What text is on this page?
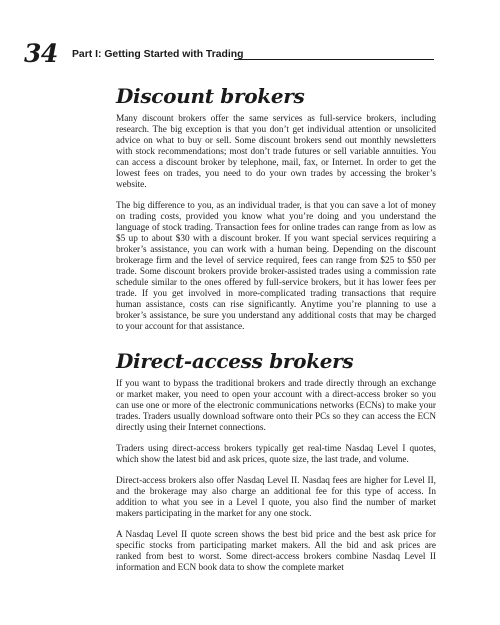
34 Part I: Getting Started with Trading
Discount brokers

Many discount brokers offer the same services as full-service brokers, including research. The big exception is that you don’t get individual attention or unsolicited advice on what to buy or sell. Some discount brokers send out monthly newsletters with stock recommendations; most don’t trade futures or sell variable annuities. You can access a discount broker by telephone, mail, fax, or Internet. In order to get the lowest fees on trades, you need to do your own trades by accessing the broker’s website.

The big difference to you, as an individual trader, is that you can save a lot of money on trading costs, provided you know what you’re doing and you understand the language of stock trading. Transaction fees for online trades can range from as low as $5 up to about $30 with a discount broker. If you want special services requiring a broker’s assistance, you can work with a human being. Depending on the discount brokerage firm and the level of service required, fees can range from $25 to $50 per trade. Some discount brokers provide broker-assisted trades using a commission rate schedule similar to the ones offered by full-service brokers, but it has lower fees per trade. If you get involved in more-complicated trading transactions that require human assistance, costs can rise significantly. Anytime you’re planning to use a broker’s assistance, be sure you understand any additional costs that may be charged to your account for that assistance.

Direct-access brokers

If you want to bypass the traditional brokers and trade directly through an exchange or market maker, you need to open your account with a direct-access broker so you can use one or more of the electronic communications networks (ECNs) to make your trades. Traders usually download software onto their PCs so they can access the ECN directly using their Internet connections.

Traders using direct-access brokers typically get real-time Nasdaq Level I quotes, which show the latest bid and ask prices, quote size, the last trade, and volume.

Direct-access brokers also offer Nasdaq Level II. Nasdaq fees are higher for Level II, and the brokerage may also charge an additional fee for this type of access. In addition to what you see in a Level I quote, you also find the number of market makers participating in the market for any one stock.

A Nasdaq Level II quote screen shows the best bid price and the best ask price for specific stocks from participating market makers. All the bid and ask prices are ranked from best to worst. Some direct-access brokers combine Nasdaq Level II information and ECN book data to show the complete market
